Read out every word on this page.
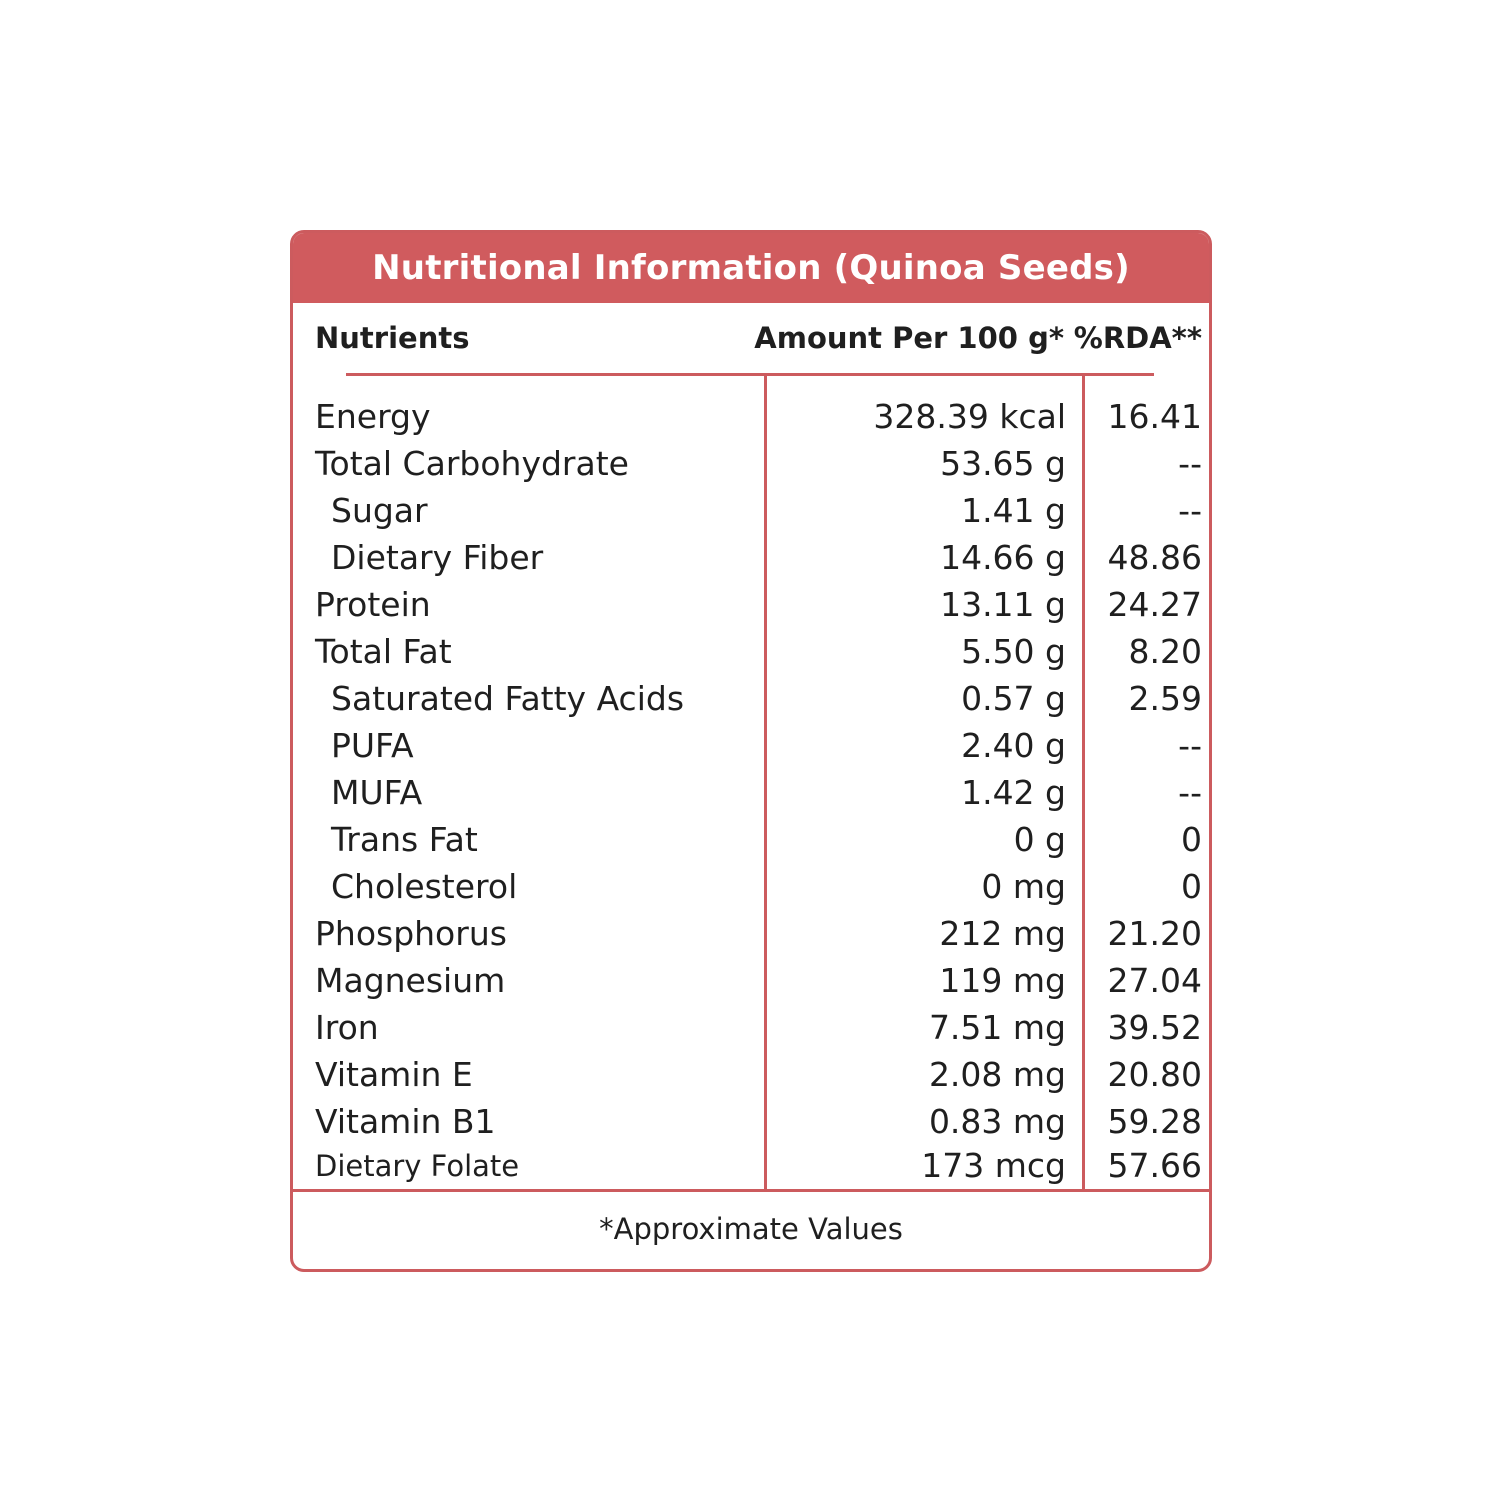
Nutritional Information (Quinoa Seeds)
Nutrients	Amount Per 100 g* %RDA**
Energy	328.39 kcal 16.41
Total Carbohydrate	53.65 g	--
Sugar	1.41 g	--
Dietary Fiber	14.66 g 48.86
Protein	13.11 g 24.27
Total Fat	5.50 g 8.20
Saturated Fatty Acids	0.57 g 2.59
PUFA	2.40 g	--
MUFA	1.42 g	--
Trans Fat	0 g	0
Cholesterol	0 mg	0
Phosphorus	212 mg 21.20
Magnesium	119 mg 27.04
Iron	7.51 mg 39.52
Vitamin E	2.08 mg 20.80
Vitamin B1	0.83 mg 59.28
Dietary Folate	173 mcg 57.66
*Approximate Values
